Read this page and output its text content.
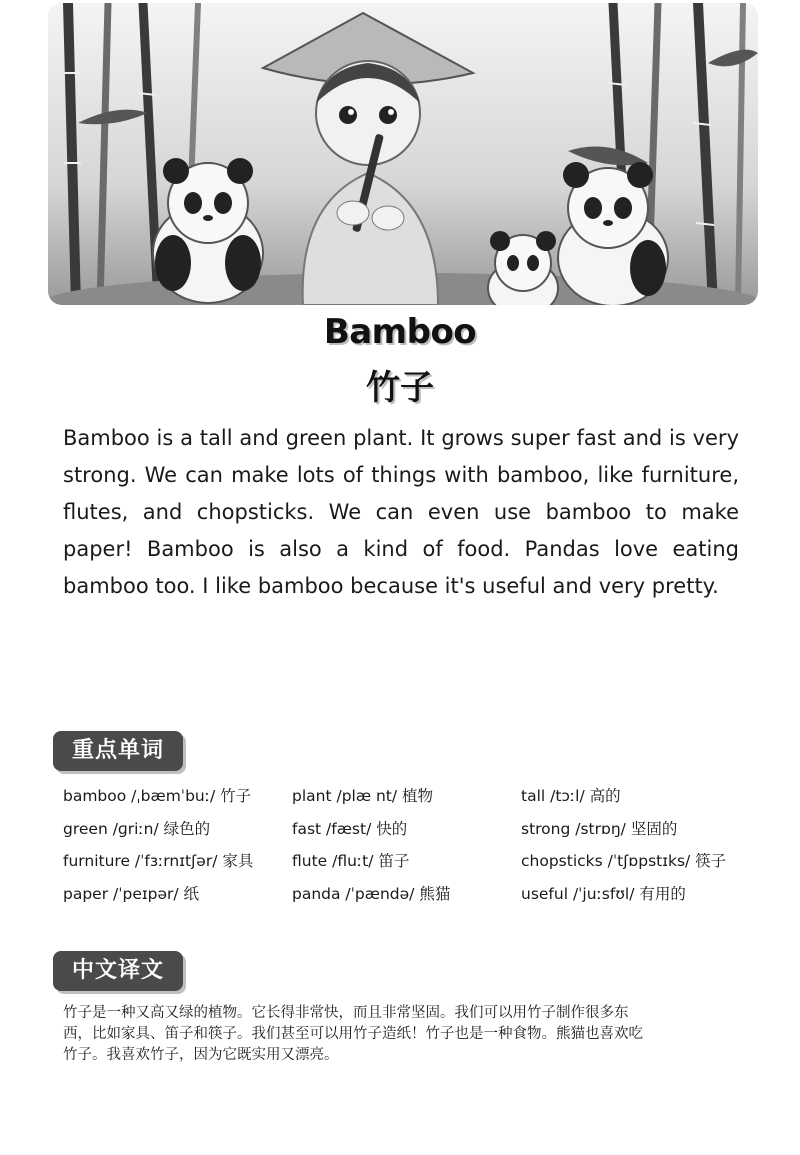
Bamboo
竹子

Bamboo is a tall and green plant. It grows super fast and is very strong. We can make lots of things with bamboo, like furniture, flutes, and chopsticks. We can even use bamboo to make paper! Bamboo is also a kind of food. Pandas love eating bamboo too. I like bamboo because it's useful and very pretty.

重点单词
bamboo /ˌbæmˈbuː/ 竹子	plant /plæ nt/ 植物	tall /tɔːl/ 高的
green /ɡriːn/ 绿色的	fast /fæst/ 快的	strong /strɒŋ/ 坚固的
furniture /ˈfɜːrnɪtʃər/ 家具	flute /fluːt/ 笛子	chopsticks /ˈtʃɒpstɪks/ 筷子
paper /ˈpeɪpər/ 纸	panda /ˈpændə/ 熊猫	useful /ˈjuːsfʊl/ 有用的
中文译文

竹子是一种又高又绿的植物。它长得非常快，而且非常坚固。我们可以用竹子制作很多东西，比如家具、笛子和筷子。我们甚至可以用竹子造纸！竹子也是一种食物。熊猫也喜欢吃竹子。我喜欢竹子，因为它既实用又漂亮。
